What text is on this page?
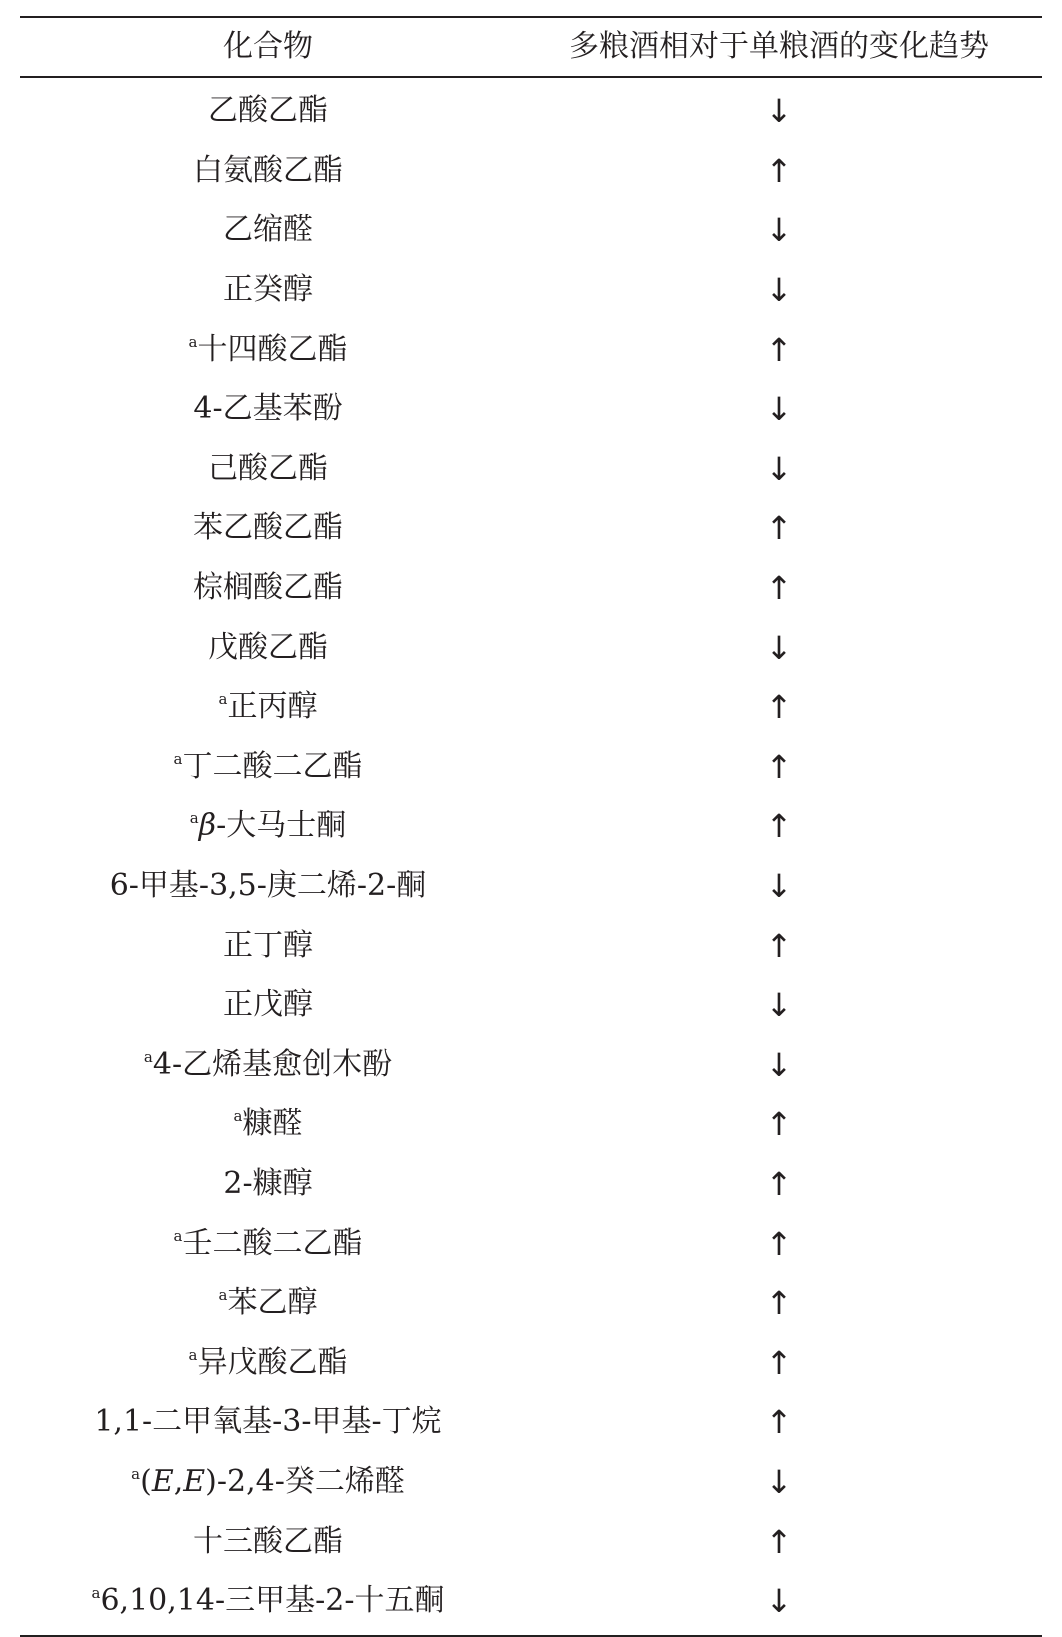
化合物	多粮酒相对于单粮酒的变化趋势
乙酸乙酯	↓
白氨酸乙酯	↑
乙缩醛	↓
正癸醇	↓
$^a$十四酸乙酯	↑
4-乙基苯酚	↓
己酸乙酯	↓
苯乙酸乙酯	↑
棕榈酸乙酯	↑
戊酸乙酯	↓
$^a$正丙醇	↑
$^a$丁二酸二乙酯	↑
$^a$β-大马士酮	↑
6-甲基-3,5-庚二烯-2-酮	↓
正丁醇	↑
正戊醇	↓
$^a$4-乙烯基愈创木酚	↓
$^a$糠醛	↑
2-糠醇	↑
$^a$壬二酸二乙酯	↑
$^a$苯乙醇	↑
$^a$异戊酸乙酯	↑
1,1-二甲氧基-3-甲基-丁烷	↑
$^a$(E,E)-2,4-癸二烯醛	↓
十三酸乙酯	↑
$^a$6,10,14-三甲基-2-十五酮	↓
